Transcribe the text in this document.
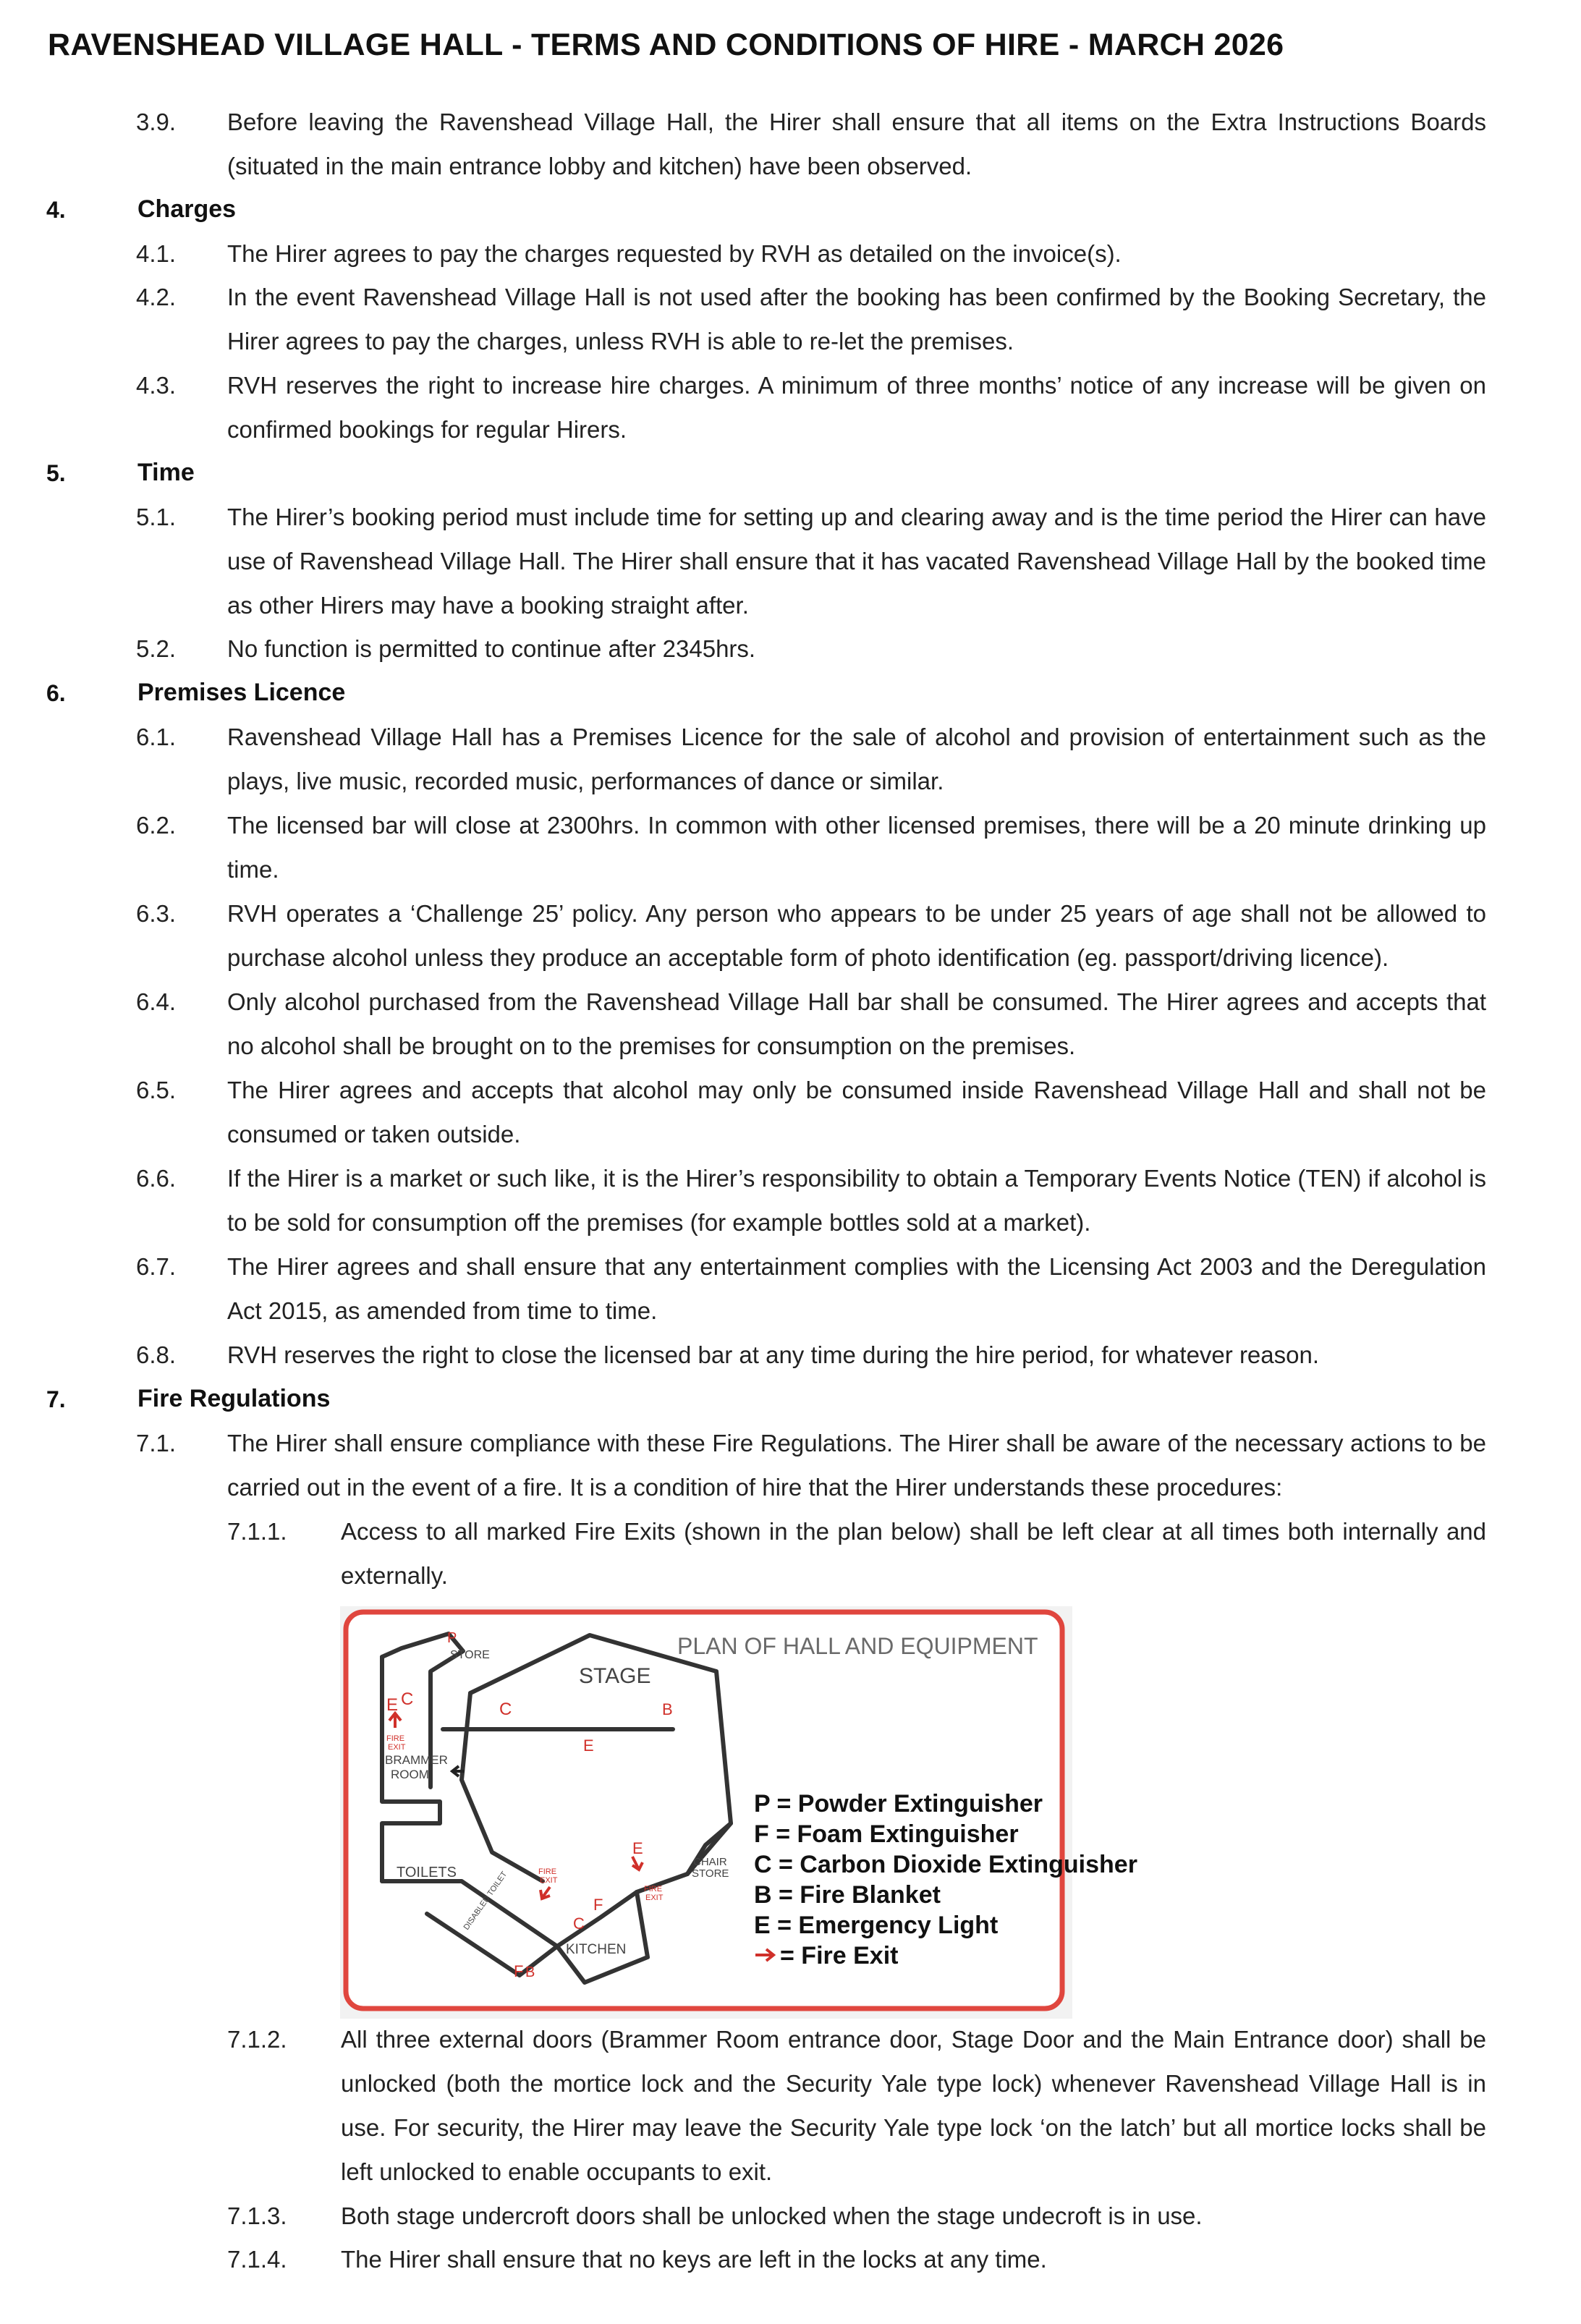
RAVENSHEAD VILLAGE HALL - TERMS AND CONDITIONS OF HIRE - MARCH 2026
3.9. Before leaving the Ravenshead Village Hall, the Hirer shall ensure that all items on the Extra Instructions Boards (situated in the main entrance lobby and kitchen) have been observed.
4.	Charges
4.1. The Hirer agrees to pay the charges requested by RVH as detailed on the invoice(s).
4.2. In the event Ravenshead Village Hall is not used after the booking has been confirmed by the Booking Secretary, the Hirer agrees to pay the charges, unless RVH is able to re-let the premises.
4.3. RVH reserves the right to increase hire charges. A minimum of three months’ notice of any increase will be given on confirmed bookings for regular Hirers.
5.	Time
5.1. The Hirer’s booking period must include time for setting up and clearing away and is the time period the Hirer can have use of Ravenshead Village Hall. The Hirer shall ensure that it has vacated Ravenshead Village Hall by the booked time as other Hirers may have a booking straight after.
5.2. No function is permitted to continue after 2345hrs.
6.	Premises Licence
6.1. Ravenshead Village Hall has a Premises Licence for the sale of alcohol and provision of entertainment such as the plays, live music, recorded music, performances of dance or similar.
6.2. The licensed bar will close at 2300hrs. In common with other licensed premises, there will be a 20 minute drinking up time.
6.3. RVH operates a ‘Challenge 25’ policy. Any person who appears to be under 25 years of age shall not be allowed to purchase alcohol unless they produce an acceptable form of photo identification (eg. passport/driving licence).
6.4. Only alcohol purchased from the Ravenshead Village Hall bar shall be consumed. The Hirer agrees and accepts that no alcohol shall be brought on to the premises for consumption on the premises.
6.5. The Hirer agrees and accepts that alcohol may only be consumed inside Ravenshead Village Hall and shall not be consumed or taken outside.
6.6. If the Hirer is a market or such like, it is the Hirer’s responsibility to obtain a Temporary Events Notice (TEN) if alcohol is to be sold for consumption off the premises (for example bottles sold at a market).
6.7. The Hirer agrees and shall ensure that any entertainment complies with the Licensing Act 2003 and the Deregulation Act 2015, as amended from time to time.
6.8. RVH reserves the right to close the licensed bar at any time during the hire period, for whatever reason.
7.	Fire Regulations
7.1. The Hirer shall ensure compliance with these Fire Regulations. The Hirer shall be aware of the necessary actions to be carried out in the event of a fire. It is a condition of hire that the Hirer understands these procedures:
7.1.1. Access to all marked Fire Exits (shown in the plan below) shall be left clear at all times both internally and externally.
PLAN OF HALL AND EQUIPMENT
STAGE
STORE
BRAMMER
ROOM
TOILETS DISABLED TOILET
KITCHEN
CHAIR
STORE
P
E C
C	B
E
E
F
C
F B
FIRE
EXIT
FIRE
EXIT
FIRE
EXIT
P = Powder Extinguisher
F = Foam Extinguisher
C = Carbon Dioxide Extinguisher
B = Fire Blanket
E = Emergency Light
= Fire Exit
7.1.2. All three external doors (Brammer Room entrance door, Stage Door and the Main Entrance door) shall be unlocked (both the mortice lock and the Security Yale type lock) whenever Ravenshead Village Hall is in use. For security, the Hirer may leave the Security Yale type lock ‘on the latch’ but all mortice locks shall be left unlocked to enable occupants to exit.
7.1.3. Both stage undercroft doors shall be unlocked when the stage undecroft is in use.
7.1.4. The Hirer shall ensure that no keys are left in the locks at any time.
